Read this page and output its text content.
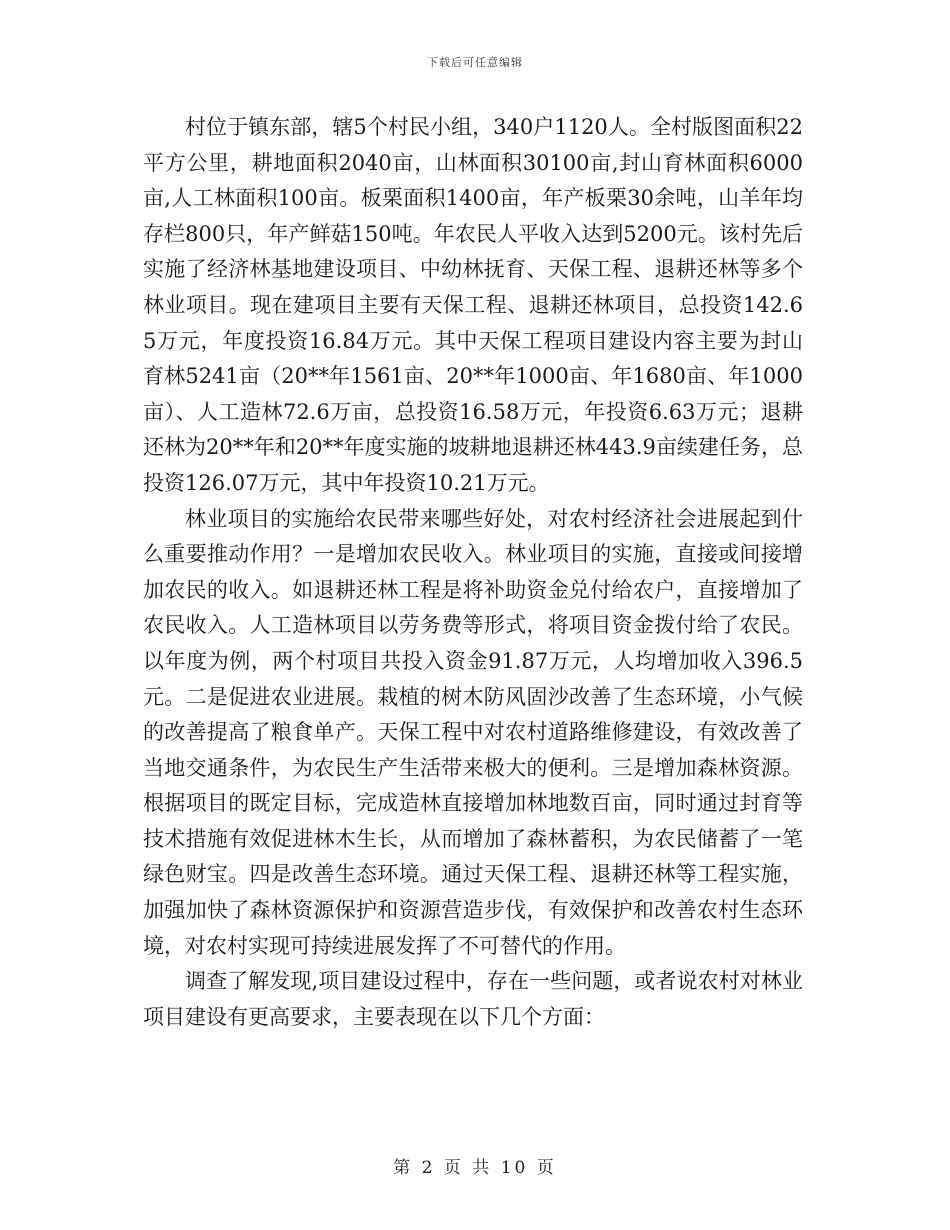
下载后可任意编辑

村位于镇东部，辖5个村民小组，340户1120人。全村版图面积22平方公里，耕地面积2040亩，山林面积30100亩,封山育林面积6000亩,人工林面积100亩。板栗面积1400亩，年产板栗30余吨，山羊年均存栏800只，年产鲜菇150吨。年农民人平收入达到5200元。该村先后实施了经济林基地建设项目、中幼林抚育、天保工程、退耕还林等多个林业项目。现在建项目主要有天保工程、退耕还林项目，总投资142.65万元，年度投资16.84万元。其中天保工程项目建设内容主要为封山育林5241亩（20**年1561亩、20**年1000亩、年1680亩、年1000亩）、人工造林72.6万亩，总投资16.58万元，年投资6.63万元；退耕还林为20**年和20**年度实施的坡耕地退耕还林443.9亩续建任务，总投资126.07万元，其中年投资10.21万元。

林业项目的实施给农民带来哪些好处，对农村经济社会进展起到什么重要推动作用？一是增加农民收入。林业项目的实施，直接或间接增加农民的收入。如退耕还林工程是将补助资金兑付给农户，直接增加了农民收入。人工造林项目以劳务费等形式，将项目资金拨付给了农民。以年度为例，两个村项目共投入资金91.87万元，人均增加收入396.5元。二是促进农业进展。栽植的树木防风固沙改善了生态环境，小气候的改善提高了粮食单产。天保工程中对农村道路维修建设，有效改善了当地交通条件，为农民生产生活带来极大的便利。三是增加森林资源。根据项目的既定目标，完成造林直接增加林地数百亩，同时通过封育等技术措施有效促进林木生长，从而增加了森林蓄积，为农民储蓄了一笔绿色财宝。四是改善生态环境。通过天保工程、退耕还林等工程实施，加强加快了森林资源保护和资源营造步伐，有效保护和改善农村生态环境，对农村实现可持续进展发挥了不可替代的作用。

调查了解发现,项目建设过程中，存在一些问题，或者说农村对林业项目建设有更高要求，主要表现在以下几个方面：

第 2 页 共 10 页
